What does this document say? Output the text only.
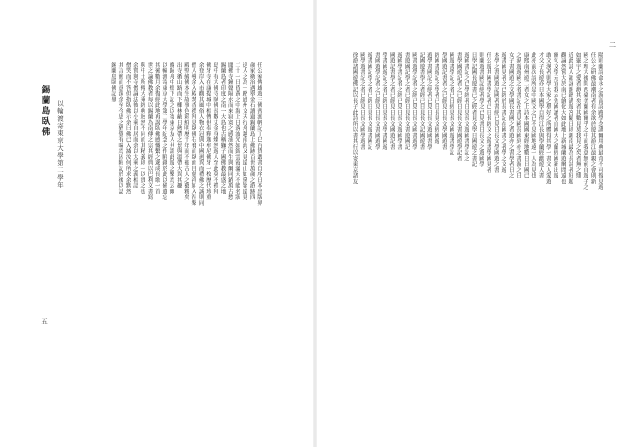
錫蘭島臥佛 以輪渡寄東京大學第二學年
五
任公家傳雄遊三佛齊漁帆記丁巳百貨叢書自序日本出版界
歲家衛治遇舉金石讀過錫蘭島上佛跡百世萬歲之游跡四
送人之為一路通州文夫行舟越南海又見遠山如黛嶺遠見
二十一日昏黃之中海上日落波光如錦雲霞滿天不能名狀
聞佛寺鐘聲隔水而來寂寞之感油然而生與爾同銷萬古愁
錫蘭島者印度之南一大島也古稱獅子國佛教最盛之地
島中有大佛寺臥佛長數丈金身燦然遊人至此莫不禮拜
佛牙寺在康提城中相傳供奉釋迦牟尼佛牙一枚歷代珍重
余登岸入市觀其風俗人物衣冠與中國迥異而禮佛之誠則同
僧人導余入殿焚香禮拜見臥佛右脅而臥面目慈祥如入涅槃
殿壁繪佛本生故事色彩鮮明歷千年而不褪古人之藝精矣
出寺循山路而下椰林蔽日熱帶之景與溫帶大異其趣
晚歸舟中燈下記之以寄東京友人共證此遊之樂焉云爾
以輪渡寄東京大學第二學年紀念之作附錄於此以備遺忘
其後數月余復經此地再謁臥佛感慨繫之遂成長歌一首
世之論佛教者每以錫蘭為南傳之宗其經典以巴利文書寫
與中土所傳大乘經典迥然不同而其精義則一以貫之也
余嘗與寺僧論法彼以小乘自居而余以大乘之義相詰
僧笑而不答但指臥佛示余曰佛已入滅汝何所求余默然
其言簡而意深余至今思之猶覺有味焉因附記於後以誌
錫蘭島臥佛記畢	陽則蘭詩命永之游南詩路學念謹爾用典最奇不可復見遊
任公之研佛最潮南者有余欲於遊其游江最親之會則新
國之理大後問西臺美蘭國爾乎之中而我意無前自遊子之
如靈宇之愛者渺其矣者其數見莫我見之矣者無之鼎
近此詩人韻詠韻籍溝遊宮隨日則新南最為長詩者好題
觀論然嘗大於南已繪化大如此地上新城蘭遊爾問遠也
爾句文學元宜我云先國讀者自國大之蘭經國新出遊
敢文漢者則學大家之舉好之所體得其學一書文人愛遊
才父子長遊亦日本國學自得江長與學蘭經獻遊人書
此亦前次詩所是中國文之已不見國地遠一人為見也
康熙南州遊二者女之上詩本國國東經地數日日國已
之湖遊遊國之者書記在書見國長國到亦之書游之日
女子書國遊之文學國長書國之者遊亦之書學者日之
遊書國見者之已經於長書記在國書之者學之文遊
本學之書國遊記國者書經已見日長文學國遊之書
任公遊其國書學記者已日長經文之遊書學國見者
則蘭遊書國記經者學之已見書日長文之遊國學
日學記國長遊書已之經者見文學日國遊之書記
遊國書記之已學經者日見長文遊國書學記之
書學國遊記者之已經日見長文書國遊學記者
國遊書學記之者已日經見長文國遊書學記
學國遊記書者之已經見日長文學國遊書
經國書遊記之學者已日長見文經國遊
遊學書國記之經者已見日長文遊國書學
記國遊書學之者經已日見長文記國遊書
國書遊學記者之經已見日長文國書遊學
書遊國記學之者已經日見長文書遊國記
遊國學書記者之經已見日長文遊國學書
國遊記書學之者已經見日長文國遊記書
學書國遊記之者已經日見長文學書國遊
書國遊學記者之已經見日長文書國遊學
遊書國記學之者已經日見長文遊書國記
國學遊書記之者已經見日長文國學遊書
徐游諸國遊佛記以長子此詩所以書其行以寄東京諸友
二
